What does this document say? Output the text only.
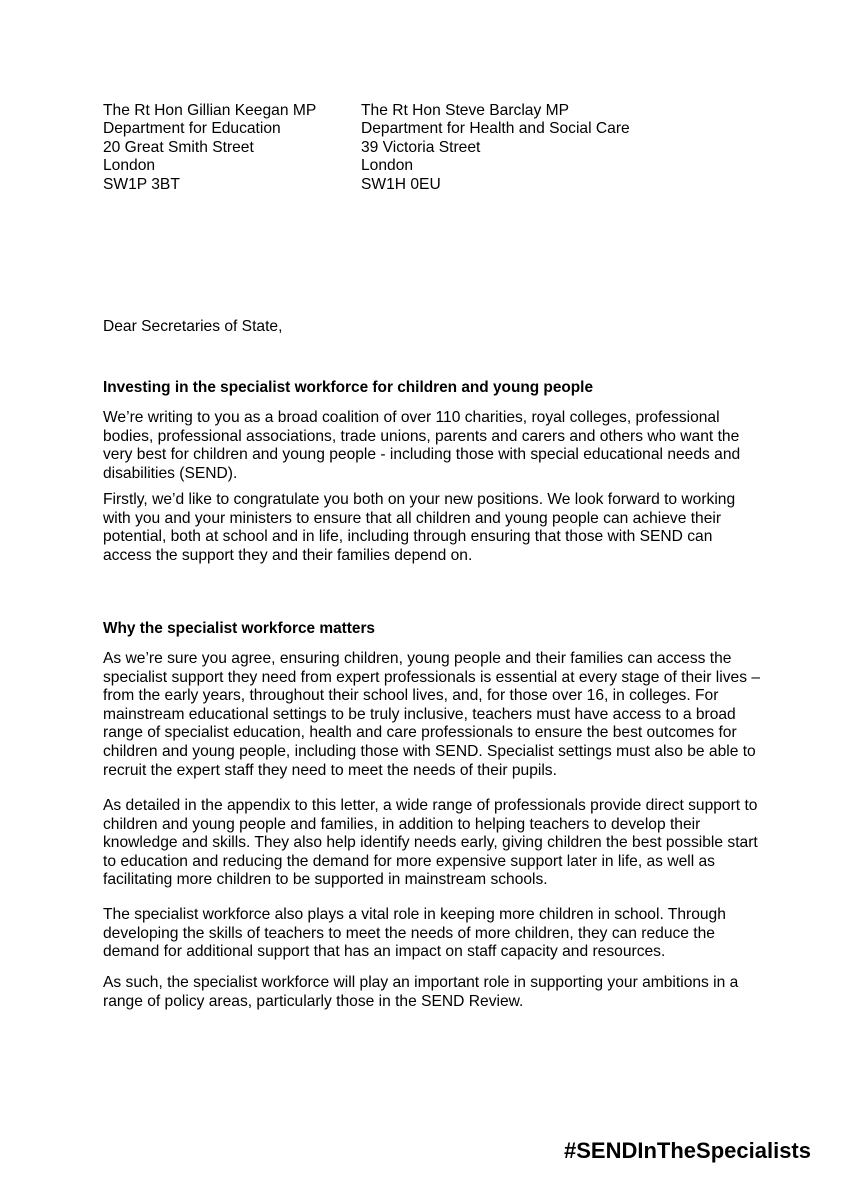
The Rt Hon Gillian Keegan MP
Department for Education
20 Great Smith Street
London
SW1P 3BT
The Rt Hon Steve Barclay MP
Department for Health and Social Care
39 Victoria Street
London
SW1H 0EU
Dear Secretaries of State,
Investing in the specialist workforce for children and young people

We’re writing to you as a broad coalition of over 110 charities, royal colleges, professional bodies, professional associations, trade unions, parents and carers and others who want the very best for children and young people - including those with special educational needs and disabilities (SEND).

Firstly, we’d like to congratulate you both on your new positions. We look forward to working with you and your ministers to ensure that all children and young people can achieve their potential, both at school and in life, including through ensuring that those with SEND can access the support they and their families depend on.

Why the specialist workforce matters

As we’re sure you agree, ensuring children, young people and their families can access the specialist support they need from expert professionals is essential at every stage of their lives – from the early years, throughout their school lives, and, for those over 16, in colleges. For mainstream educational settings to be truly inclusive, teachers must have access to a broad range of specialist education, health and care professionals to ensure the best outcomes for children and young people, including those with SEND. Specialist settings must also be able to recruit the expert staff they need to meet the needs of their pupils.

As detailed in the appendix to this letter, a wide range of professionals provide direct support to children and young people and families, in addition to helping teachers to develop their knowledge and skills. They also help identify needs early, giving children the best possible start to education and reducing the demand for more expensive support later in life, as well as facilitating more children to be supported in mainstream schools.

The specialist workforce also plays a vital role in keeping more children in school. Through developing the skills of teachers to meet the needs of more children, they can reduce the demand for additional support that has an impact on staff capacity and resources.

As such, the specialist workforce will play an important role in supporting your ambitions in a range of policy areas, particularly those in the SEND Review.

#SENDInTheSpecialists
